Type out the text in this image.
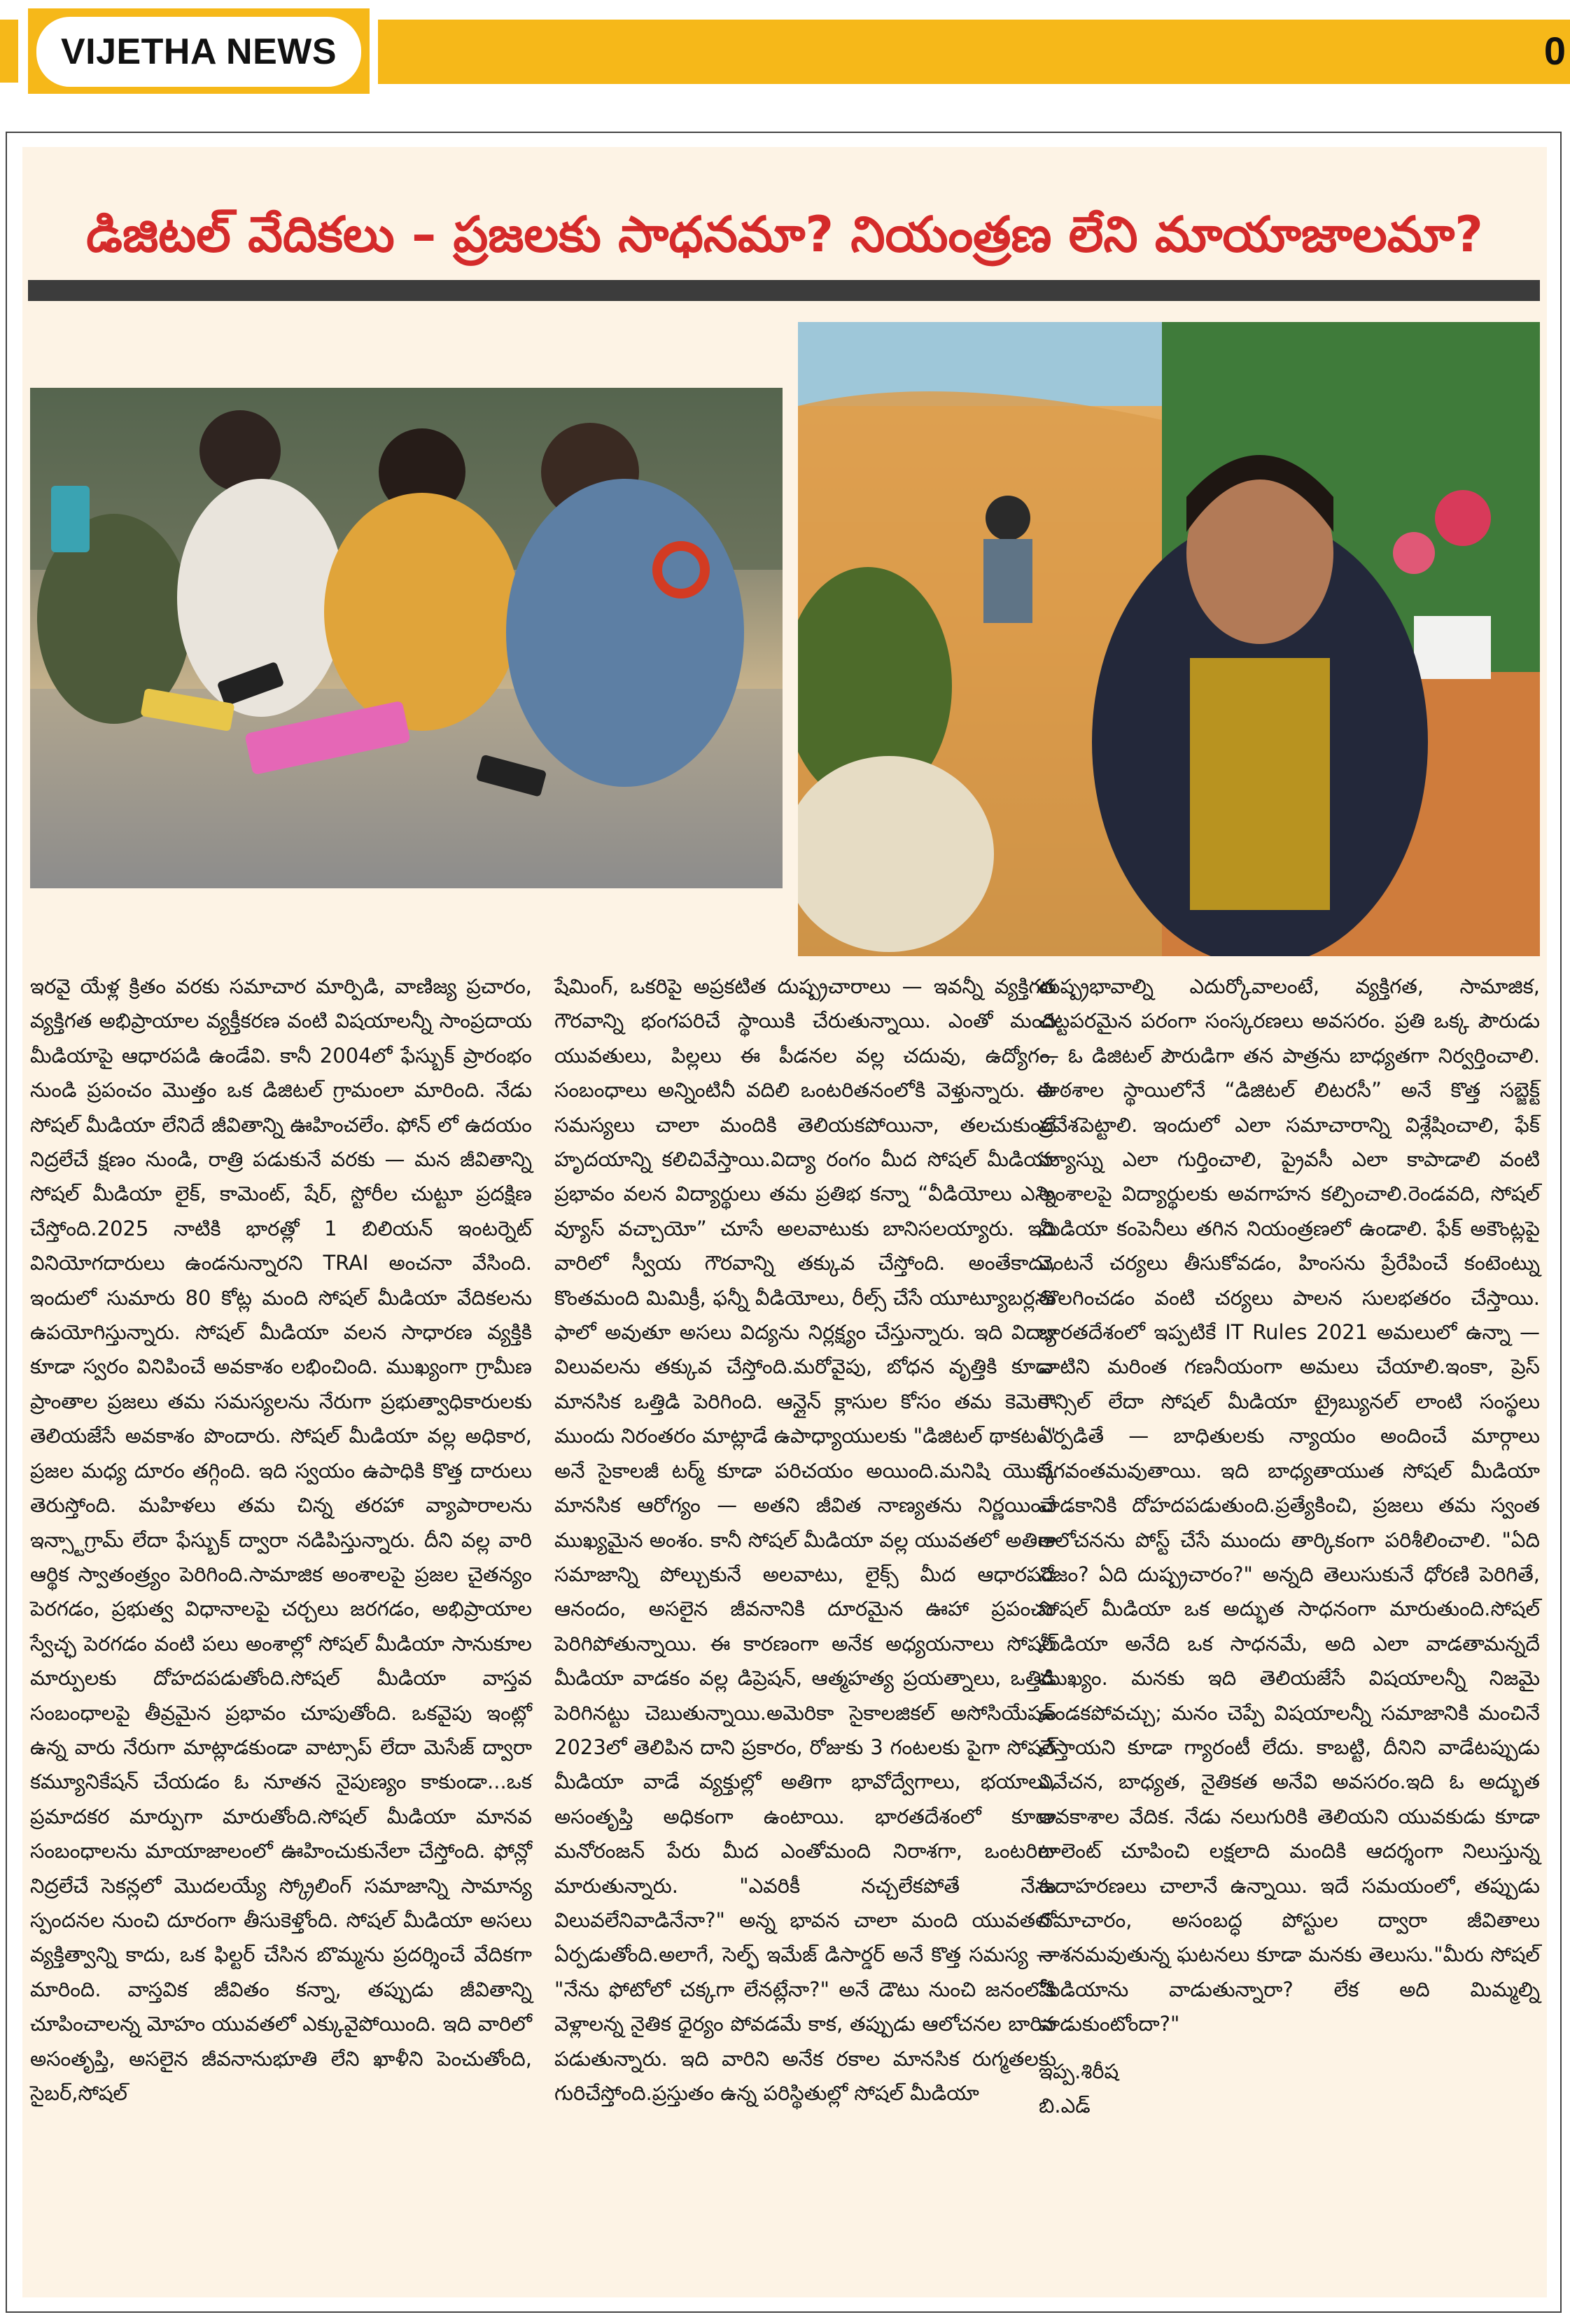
VIJETHA NEWS	0
డిజిటల్ వేదికలు – ప్రజలకు సాధనమా? నియంత్రణ లేని మాయాజాలమా?

ఇరవై యేళ్ల క్రితం వరకు సమాచార మార్పిడి, వాణిజ్య ప్రచారం, వ్యక్తిగత అభిప్రాయాల వ్యక్తీకరణ వంటి విషయాలన్నీ సాంప్రదాయ మీడియాపై ఆధారపడి ఉండేవి. కానీ 2004లో ఫేస్బుక్ ప్రారంభం నుండి ప్రపంచం మొత్తం ఒక డిజిటల్ గ్రామంలా మారింది. నేడు సోషల్ మీడియా లేనిదే జీవితాన్ని ఊహించలేం. ఫోన్ లో ఉదయం నిద్రలేచే క్షణం నుండి, రాత్రి పడుకునే వరకు — మన జీవితాన్ని సోషల్ మీడియా లైక్, కామెంట్, షేర్, స్టోరీల చుట్టూ ప్రదక్షిణ చేస్తోంది.2025 నాటికి భారత్లో 1 బిలియన్ ఇంటర్నెట్ వినియోగదారులు ఉండనున్నారని TRAI అంచనా వేసింది. ఇందులో సుమారు 80 కోట్ల మంది సోషల్ మీడియా వేదికలను ఉపయోగిస్తున్నారు. సోషల్ మీడియా వలన సాధారణ వ్యక్తికి కూడా స్వరం వినిపించే అవకాశం లభించింది. ముఖ్యంగా గ్రామీణ ప్రాంతాల ప్రజలు తమ సమస్యలను నేరుగా ప్రభుత్వాధికారులకు తెలియజేసే అవకాశం పొందారు. సోషల్ మీడియా వల్ల అధికార, ప్రజల మధ్య దూరం తగ్గింది. ఇది స్వయం ఉపాధికి కొత్త దారులు తెరుస్తోంది. మహిళలు తమ చిన్న తరహా వ్యాపారాలను ఇన్స్టాగ్రామ్ లేదా ఫేస్బుక్ ద్వారా నడిపిస్తున్నారు. దీని వల్ల వారి ఆర్థిక స్వాతంత్ర్యం పెరిగింది.సామాజిక అంశాలపై ప్రజల చైతన్యం పెరగడం, ప్రభుత్వ విధానాలపై చర్చలు జరగడం, అభిప్రాయాల స్వేచ్ఛ పెరగడం వంటి పలు అంశాల్లో సోషల్ మీడియా సానుకూల మార్పులకు దోహదపడుతోంది.సోషల్ మీడియా వాస్తవ సంబంధాలపై తీవ్రమైన ప్రభావం చూపుతోంది. ఒకవైపు ఇంట్లో ఉన్న వారు నేరుగా మాట్లాడకుండా వాట్సాప్ లేదా మెసేజ్ ద్వారా కమ్యూనికేషన్ చేయడం ఓ నూతన నైపుణ్యం కాకుండా...ఒక ప్రమాదకర మార్పుగా మారుతోంది.సోషల్ మీడియా మానవ సంబంధాలను మాయాజాలంలో ఊహించుకునేలా చేస్తోంది. ఫోన్లో నిద్రలేచే సెకన్లలో మొదలయ్యే స్క్రోలింగ్ సమాజాన్ని సామాన్య స్పందనల నుంచి దూరంగా తీసుకెళ్తోంది. సోషల్ మీడియా అసలు వ్యక్తిత్వాన్ని కాదు, ఒక ఫిల్టర్ చేసిన బొమ్మను ప్రదర్శించే వేదికగా మారింది. వాస్తవిక జీవితం కన్నా, తప్పుడు జీవితాన్ని చూపించాలన్న మోహం యువతలో ఎక్కువైపోయింది. ఇది వారిలో అసంతృప్తి, అసలైన జీవనానుభూతి లేని ఖాళీని పెంచుతోంది, సైబర్,సోషల్

షేమింగ్, ఒకరిపై అప్రకటిత దుష్ప్రచారాలు — ఇవన్నీ వ్యక్తిగత గౌరవాన్ని భంగపరిచే స్థాయికి చేరుతున్నాయి. ఎంతో మంది యువతులు, పిల్లలు ఈ పీడనల వల్ల చదువు, ఉద్యోగం, సంబంధాలు అన్నింటినీ వదిలి ఒంటరితనంలోకి వెళ్తున్నారు. ఈ సమస్యలు చాలా మందికి తెలియకపోయినా, తలచుకుంటే హృదయాన్ని కలిచివేస్తాయి.విద్యా రంగం మీద సోషల్ మీడియా ప్రభావం వలన విద్యార్థులు తమ ప్రతిభ కన్నా “వీడియోలు ఎన్ని వ్యూస్ వచ్చాయో” చూసే అలవాటుకు బానిసలయ్యారు. ఇది వారిలో స్వీయ గౌరవాన్ని తక్కువ చేస్తోంది. అంతేకాదు, కొంతమంది మిమిక్రీ, ఫన్నీ వీడియోలు, రీల్స్ చేసే యూట్యూబర్లను ఫాలో అవుతూ అసలు విద్యను నిర్లక్ష్యం చేస్తున్నారు. ఇది విద్యా విలువలను తక్కువ చేస్తోంది.మరోవైపు, బోధన వృత్తికి కూడా మానసిక ఒత్తిడి పెరిగింది. ఆన్లైన్ క్లాసుల కోసం తమ కెమెరా ముందు నిరంతరం మాట్లాడే ఉపాధ్యాయులకు "డిజిటల్ థాకటం" అనే సైకాలజీ టర్మ్ కూడా పరిచయం అయింది.మనిషి యొక్క మానసిక ఆరోగ్యం — అతని జీవిత నాణ్యతను నిర్ణయించే ముఖ్యమైన అంశం. కానీ సోషల్ మీడియా వల్ల యువతలో అతిగా సమాజాన్ని పోల్చుకునే అలవాటు, లైక్స్ మీద ఆధారపడే ఆనందం, అసలైన జీవనానికి దూరమైన ఊహా ప్రపంచం పెరిగిపోతున్నాయి. ఈ కారణంగా అనేక అధ్యయనాలు సోషల్ మీడియా వాడకం వల్ల డిప్రెషన్, ఆత్మహత్య ప్రయత్నాలు, ఒత్తిడి పెరిగినట్టు చెబుతున్నాయి.అమెరికా సైకాలజికల్ అసోసియేషన్ 2023లో తెలిపిన దాని ప్రకారం, రోజుకు 3 గంటలకు పైగా సోషల్ మీడియా వాడే వ్యక్తుల్లో అతిగా భావోద్వేగాలు, భయాలు, అసంతృప్తి అధికంగా ఉంటాయి. భారతదేశంలో కూడా మనోరంజన్ పేరు మీద ఎంతోమంది నిరాశగా, ఒంటరిగా మారుతున్నారు. "ఎవరికీ నచ్చలేకపోతే నేను విలువలేనివాడినేనా?" అన్న భావన చాలా మంది యువతలో ఏర్పడుతోంది.అలాగే, సెల్ఫ్ ఇమేజ్ డిసార్డర్ అనే కొత్త సమస్య — "నేను ఫోటోలో చక్కగా లేనట్లేనా?" అనే డౌటు నుంచి జనంలోకి వెళ్లాలన్న నైతిక ధైర్యం పోవడమే కాక, తప్పుడు ఆలోచనల బారిన పడుతున్నారు. ఇది వారిని అనేక రకాల మానసిక రుగ్మతలకు గురిచేస్తోంది.ప్రస్తుతం ఉన్న పరిస్థితుల్లో సోషల్ మీడియా

దుష్ప్రభావాల్ని ఎదుర్కోవాలంటే, వ్యక్తిగత, సామాజిక, చట్టపరమైన పరంగా సంస్కరణలు అవసరం. ప్రతి ఒక్క పౌరుడు — ఓ డిజిటల్ పౌరుడిగా తన పాత్రను బాధ్యతగా నిర్వర్తించాలి. పాఠశాల స్థాయిలోనే “డిజిటల్ లిటరసీ” అనే కొత్త సబ్జెక్ట్ ప్రవేశపెట్టాలి. ఇందులో ఎలా సమాచారాన్ని విశ్లేషించాలి, ఫేక్ న్యూస్ను ఎలా గుర్తించాలి, ప్రైవసీ ఎలా కాపాడాలి వంటి అంశాలపై విద్యార్థులకు అవగాహన కల్పించాలి.రెండవది, సోషల్ మీడియా కంపెనీలు తగిన నియంత్రణలో ఉండాలి. ఫేక్ అకౌంట్లపై వెంటనే చర్యలు తీసుకోవడం, హింసను ప్రేరేపించే కంటెంట్ను తొలగించడం వంటి చర్యలు పాలన సులభతరం చేస్తాయి. భారతదేశంలో ఇప్పటికే IT Rules 2021 అమలులో ఉన్నా — వాటిని మరింత గణనీయంగా అమలు చేయాలి.ఇంకా, ప్రెస్ కౌన్సిల్ లేదా సోషల్ మీడియా ట్రైబ్యునల్ లాంటి సంస్థలు ఏర్పడితే — బాధితులకు న్యాయం అందించే మార్గాలు వేగవంతమవుతాయి. ఇది బాధ్యతాయుత సోషల్ మీడియా వాడకానికి దోహదపడుతుంది.ప్రత్యేకించి, ప్రజలు తమ స్వంత ఆలోచనను పోస్ట్ చేసే ముందు తార్కికంగా పరిశీలించాలి. "ఏది నిజం? ఏది దుష్ప్రచారం?" అన్నది తెలుసుకునే ధోరణి పెరిగితే, సోషల్ మీడియా ఒక అద్భుత సాధనంగా మారుతుంది.సోషల్ మీడియా అనేది ఒక సాధనమే, అది ఎలా వాడతామన్నదే ముఖ్యం. మనకు ఇది తెలియజేసే విషయాలన్నీ నిజమై ఉండకపోవచ్చు; మనం చెప్పే విషయాలన్నీ సమాజానికి మంచినే చేస్తాయని కూడా గ్యారంటీ లేదు. కాబట్టి, దీనిని వాడేటప్పుడు వివేచన, బాధ్యత, నైతికత అనేవి అవసరం.ఇది ఓ అద్భుత అవకాశాల వేదిక. నేడు నలుగురికి తెలియని యువకుడు కూడా టాలెంట్ చూపించి లక్షలాది మందికి ఆదర్శంగా నిలుస్తున్న ఉదాహరణలు చాలానే ఉన్నాయి. ఇదే సమయంలో, తప్పుడు సమాచారం, అసంబద్ధ పోస్టుల ద్వారా జీవితాలు నాశనమవుతున్న ఘటనలు కూడా మనకు తెలుసు."మీరు సోషల్ మీడియాను వాడుతున్నారా? లేక అది మిమ్మల్ని వాడుకుంటోందా?"
ఇప్ప.శిరీష
బి.ఎడ్
